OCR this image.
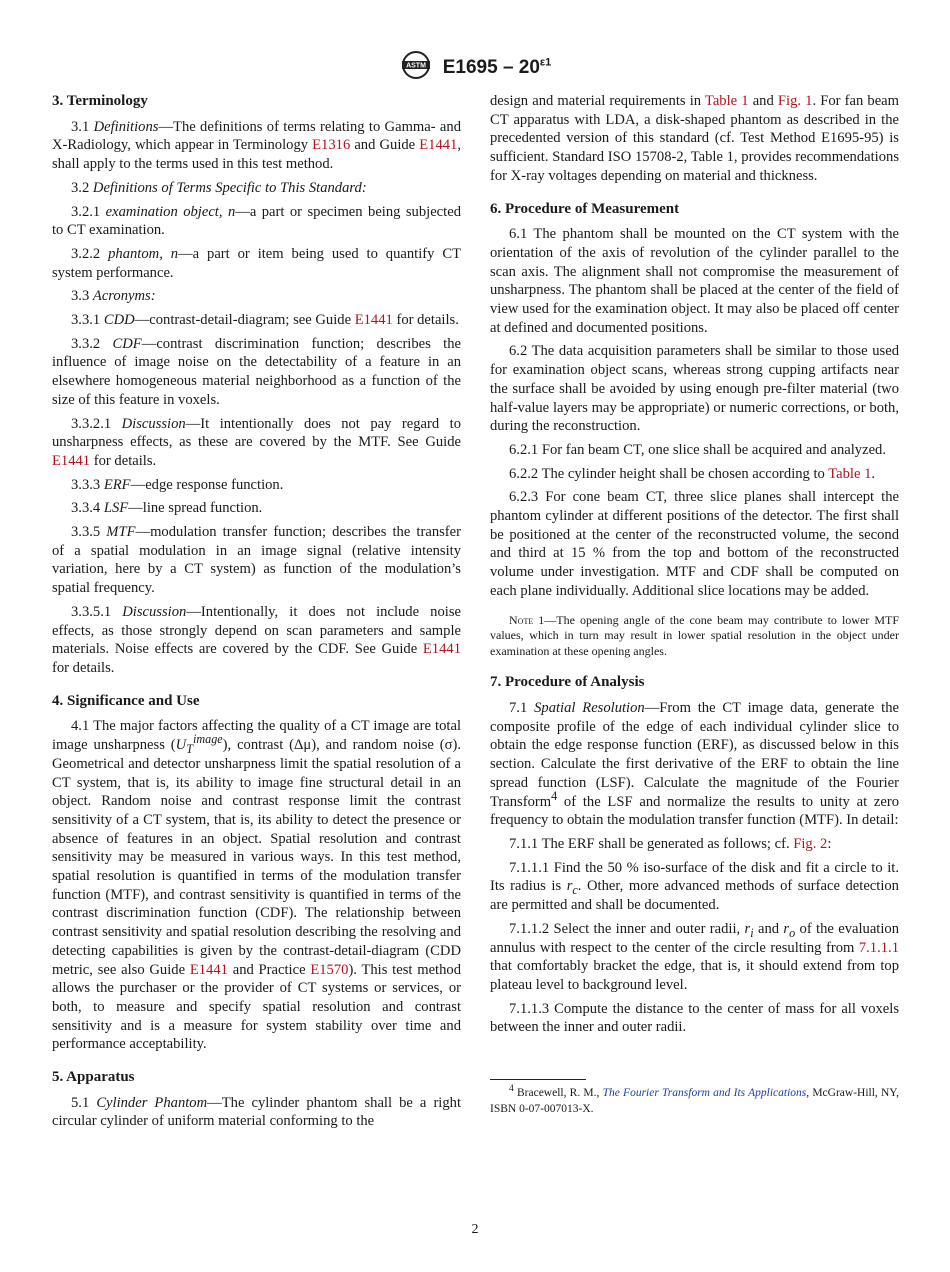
ASTM $E1695 - 20^{\varepsilon 1}$
3. Terminology

3.1 Definitions—The definitions of terms relating to Gamma- and X-Radiology, which appear in Terminology E1316 and Guide E1441, shall apply to the terms used in this test method.

3.2 Definitions of Terms Specific to This Standard:

3.2.1 examination object, n—a part or specimen being subjected to CT examination.

3.2.2 phantom, n—a part or item being used to quantify CT system performance.

3.3 Acronyms:

3.3.1 CDD—contrast-detail-diagram; see Guide E1441 for details.

3.3.2 CDF—contrast discrimination function; describes the influence of image noise on the detectability of a feature in an elsewhere homogeneous material neighborhood as a function of the size of this feature in voxels.

3.3.2.1 Discussion—It intentionally does not pay regard to unsharpness effects, as these are covered by the MTF. See Guide E1441 for details.

3.3.3 ERF—edge response function.

3.3.4 LSF—line spread function.

3.3.5 MTF—modulation transfer function; describes the transfer of a spatial modulation in an image signal (relative intensity variation, here by a CT system) as function of the modulation’s spatial frequency.

3.3.5.1 Discussion—Intentionally, it does not include noise effects, as those strongly depend on scan parameters and sample materials. Noise effects are covered by the CDF. See Guide E1441 for details.

4. Significance and Use

4.1 The major factors affecting the quality of a CT image are total image unsharpness $(U_T^{image})$, contrast (Δμ), and random noise (σ). Geometrical and detector unsharpness limit the spatial resolution of a CT system, that is, its ability to image fine structural detail in an object. Random noise and contrast response limit the contrast sensitivity of a CT system, that is, its ability to detect the presence or absence of features in an object. Spatial resolution and contrast sensitivity may be measured in various ways. In this test method, spatial resolution is quantified in terms of the modulation transfer function (MTF), and contrast sensitivity is quantified in terms of the contrast discrimination function (CDF). The relationship between contrast sensitivity and spatial resolution describing the resolving and detecting capabilities is given by the contrast-detail-diagram (CDD metric, see also Guide E1441 and Practice E1570). This test method allows the purchaser or the provider of CT systems or services, or both, to measure and specify spatial resolution and contrast sensitivity and is a measure for system stability over time and performance acceptability.

5. Apparatus

5.1 Cylinder Phantom—The cylinder phantom shall be a right circular cylinder of uniform material conforming to the

design and material requirements in Table 1 and Fig. 1. For fan beam CT apparatus with LDA, a disk-shaped phantom as described in the precedented version of this standard (cf. Test Method E1695-95) is sufficient. Standard ISO 15708-2, Table 1, provides recommendations for X-ray voltages depending on material and thickness.

6. Procedure of Measurement

6.1 The phantom shall be mounted on the CT system with the orientation of the axis of revolution of the cylinder parallel to the scan axis. The alignment shall not compromise the measurement of unsharpness. The phantom shall be placed at the center of the field of view used for the examination object. It may also be placed off center at defined and documented positions.

6.2 The data acquisition parameters shall be similar to those used for examination object scans, whereas strong cupping artifacts near the surface shall be avoided by using enough pre-filter material (two half-value layers may be appropriate) or numeric corrections, or both, during the reconstruction.

6.2.1 For fan beam CT, one slice shall be acquired and analyzed.

6.2.2 The cylinder height shall be chosen according to Table 1.

6.2.3 For cone beam CT, three slice planes shall intercept the phantom cylinder at different positions of the detector. The first shall be positioned at the center of the reconstructed volume, the second and third at 15 % from the top and bottom of the reconstructed volume under investigation. MTF and CDF shall be computed on each plane individually. Additional slice locations may be added.

Note 1—The opening angle of the cone beam may contribute to lower MTF values, which in turn may result in lower spatial resolution in the object under examination at these opening angles.
7. Procedure of Analysis

7.1 Spatial Resolution—From the CT image data, generate the composite profile of the edge of each individual cylinder slice to obtain the edge response function (ERF), as discussed below in this section. Calculate the first derivative of the ERF to obtain the line spread function (LSF). Calculate the magnitude of the Fourier Transform$^4$ of the LSF and normalize the results to unity at zero frequency to obtain the modulation transfer function (MTF). In detail:

7.1.1 The ERF shall be generated as follows; cf. Fig. 2:

7.1.1.1 Find the 50 % iso-surface of the disk and fit a circle to it. Its radius is $r_c$. Other, more advanced methods of surface detection are permitted and shall be documented.

7.1.1.2 Select the inner and outer radii, $r_i$ and $r_o$ of the evaluation annulus with respect to the center of the circle resulting from 7.1.1.1 that comfortably bracket the edge, that is, it should extend from top plateau level to background level.

7.1.1.3 Compute the distance to the center of mass for all voxels between the inner and outer radii.

$^4$ Bracewell, R. M., The Fourier Transform and Its Applications, McGraw-Hill, NY, ISBN 0-07-007013-X.
2
